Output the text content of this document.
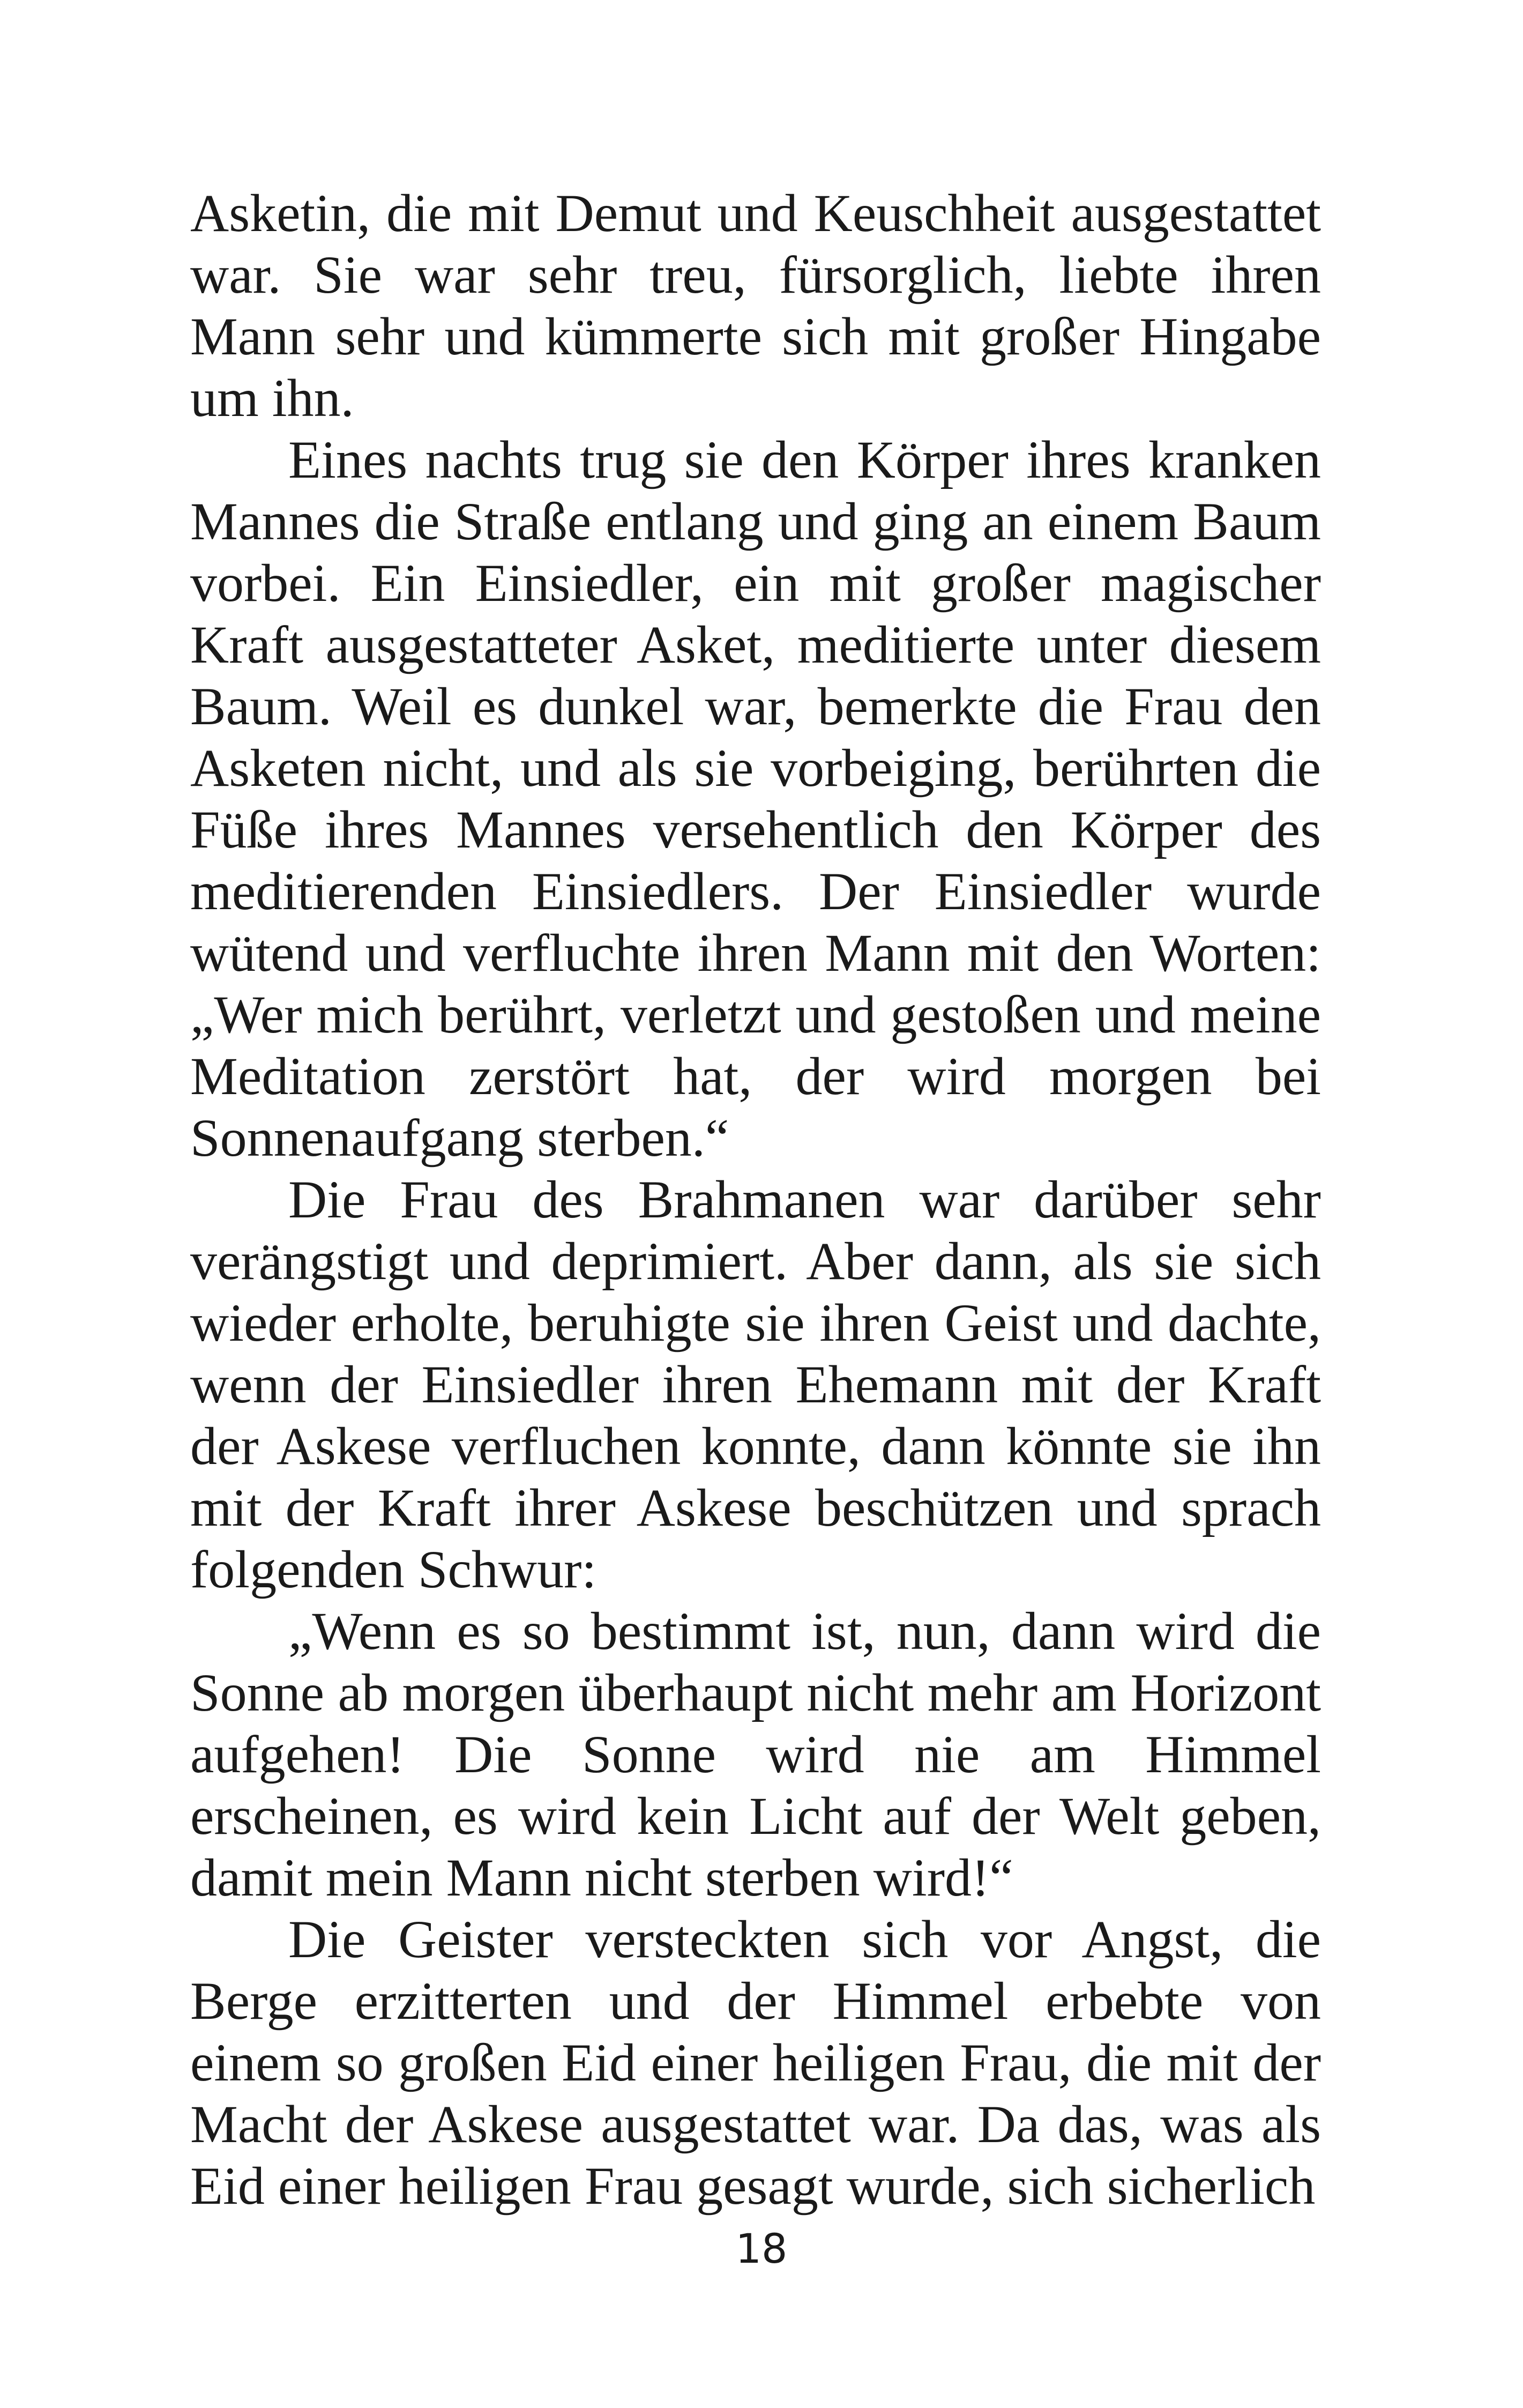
Asketin, die mit Demut und Keuschheit ausgestattet war. Sie war sehr treu, fürsorglich, liebte ihren Mann sehr und kümmerte sich mit großer Hingabe um ihn.

Eines nachts trug sie den Körper ihres kranken Mannes die Straße entlang und ging an einem Baum vorbei. Ein Einsiedler, ein mit großer magischer Kraft ausgestatteter Asket, meditierte unter diesem Baum. Weil es dunkel war, bemerkte die Frau den Asketen nicht, und als sie vorbeiging, berührten die Füße ihres Mannes versehentlich den Körper des meditierenden Einsiedlers. Der Einsiedler wurde wütend und verfluchte ihren Mann mit den Worten: „Wer mich berührt, verletzt und gestoßen und meine Meditation zerstört hat, der wird morgen bei Sonnenaufgang sterben.“

Die Frau des Brahmanen war darüber sehr verängstigt und deprimiert. Aber dann, als sie sich wieder erholte, beruhigte sie ihren Geist und dachte, wenn der Einsiedler ihren Ehemann mit der Kraft der Askese verfluchen konnte, dann könnte sie ihn mit der Kraft ihrer Askese beschützen und sprach folgenden Schwur:

„Wenn es so bestimmt ist, nun, dann wird die Sonne ab morgen überhaupt nicht mehr am Horizont aufgehen! Die Sonne wird nie am Himmel erscheinen, es wird kein Licht auf der Welt geben, damit mein Mann nicht sterben wird!“

Die Geister versteckten sich vor Angst, die Berge erzitterten und der Himmel erbebte von einem so großen Eid einer heiligen Frau, die mit der Macht der Askese ausgestattet war. Da das, was als Eid einer heiligen Frau gesagt wurde, sich sicherlich

18
